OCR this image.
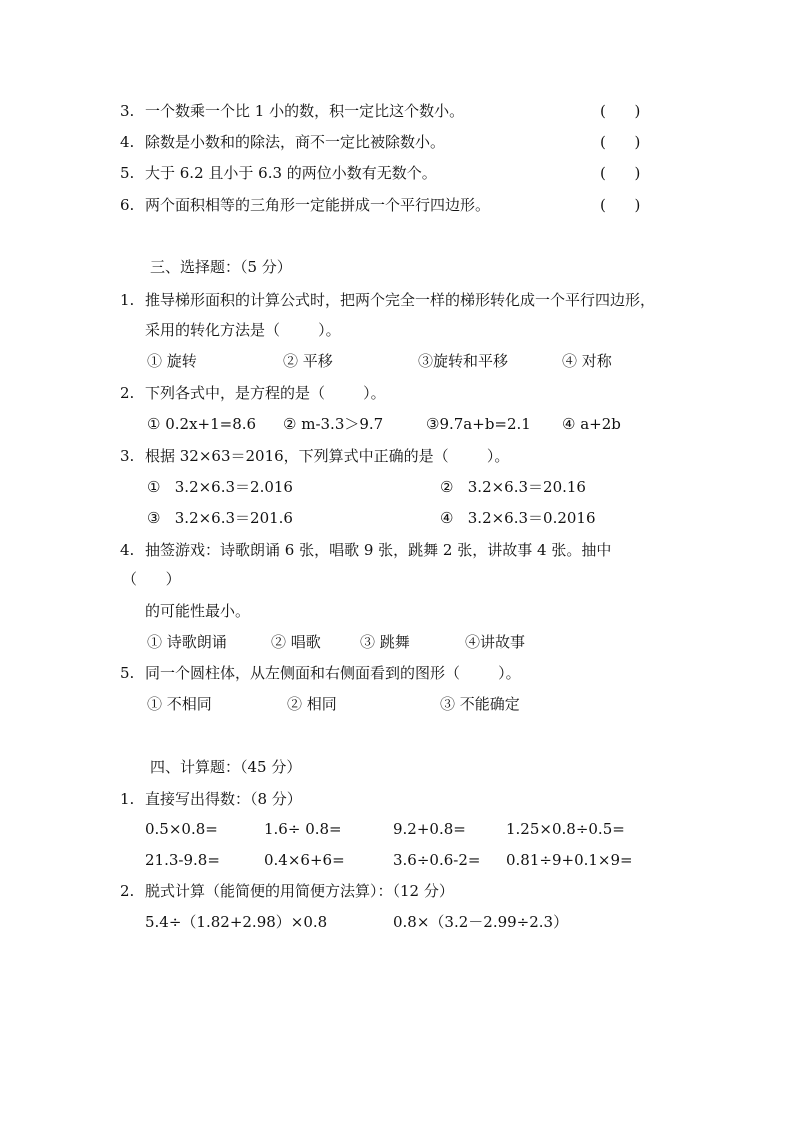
3. 一个数乘一个比 1 小的数，积一定比这个数小。	(      )
4. 除数是小数和的除法，商不一定比被除数小。	(      )
5. 大于 6.2 且小于 6.3 的两位小数有无数个。	(      )
6. 两个面积相等的三角形一定能拼成一个平行四边形。	(      )
三、选择题：（5 分）
1. 推导梯形面积的计算公式时，把两个完全一样的梯形转化成一个平行四边形，
采用的转化方法是（        ）。
① 旋转	② 平移	③旋转和平移	④ 对称
2. 下列各式中，是方程的是（        ）。
① 0.2x+1=8.6 ② m-3.3＞9.7	③9.7a+b=2.1 ④ a+2b
3. 根据 32×63＝2016，下列算式中正确的是（        ）。
①   3.2×6.3＝2.016	②   3.2×6.3＝20.16
③   3.2×6.3＝201.6	④   3.2×6.3＝0.2016
4. 抽签游戏：诗歌朗诵 6 张，唱歌 9 张，跳舞 2 张，讲故事 4 张。抽中
（      ）
的可能性最小。
① 诗歌朗诵	② 唱歌	③ 跳舞	④讲故事
5. 同一个圆柱体，从左侧面和右侧面看到的图形（        ）。
① 不相同	② 相同	③ 不能确定
四、计算题：（45 分）
1. 直接写出得数：（8 分）
0.5×0.8=	1.6÷ 0.8=	9.2+0.8=	1.25×0.8÷0.5=
21.3-9.8=	0.4×6+6=	3.6÷0.6-2= 0.81÷9+0.1×9=
2. 脱式计算（能简便的用简便方法算）：（12 分）
5.4÷（1.82+2.98）×0.8	0.8×（3.2－2.99÷2.3）
